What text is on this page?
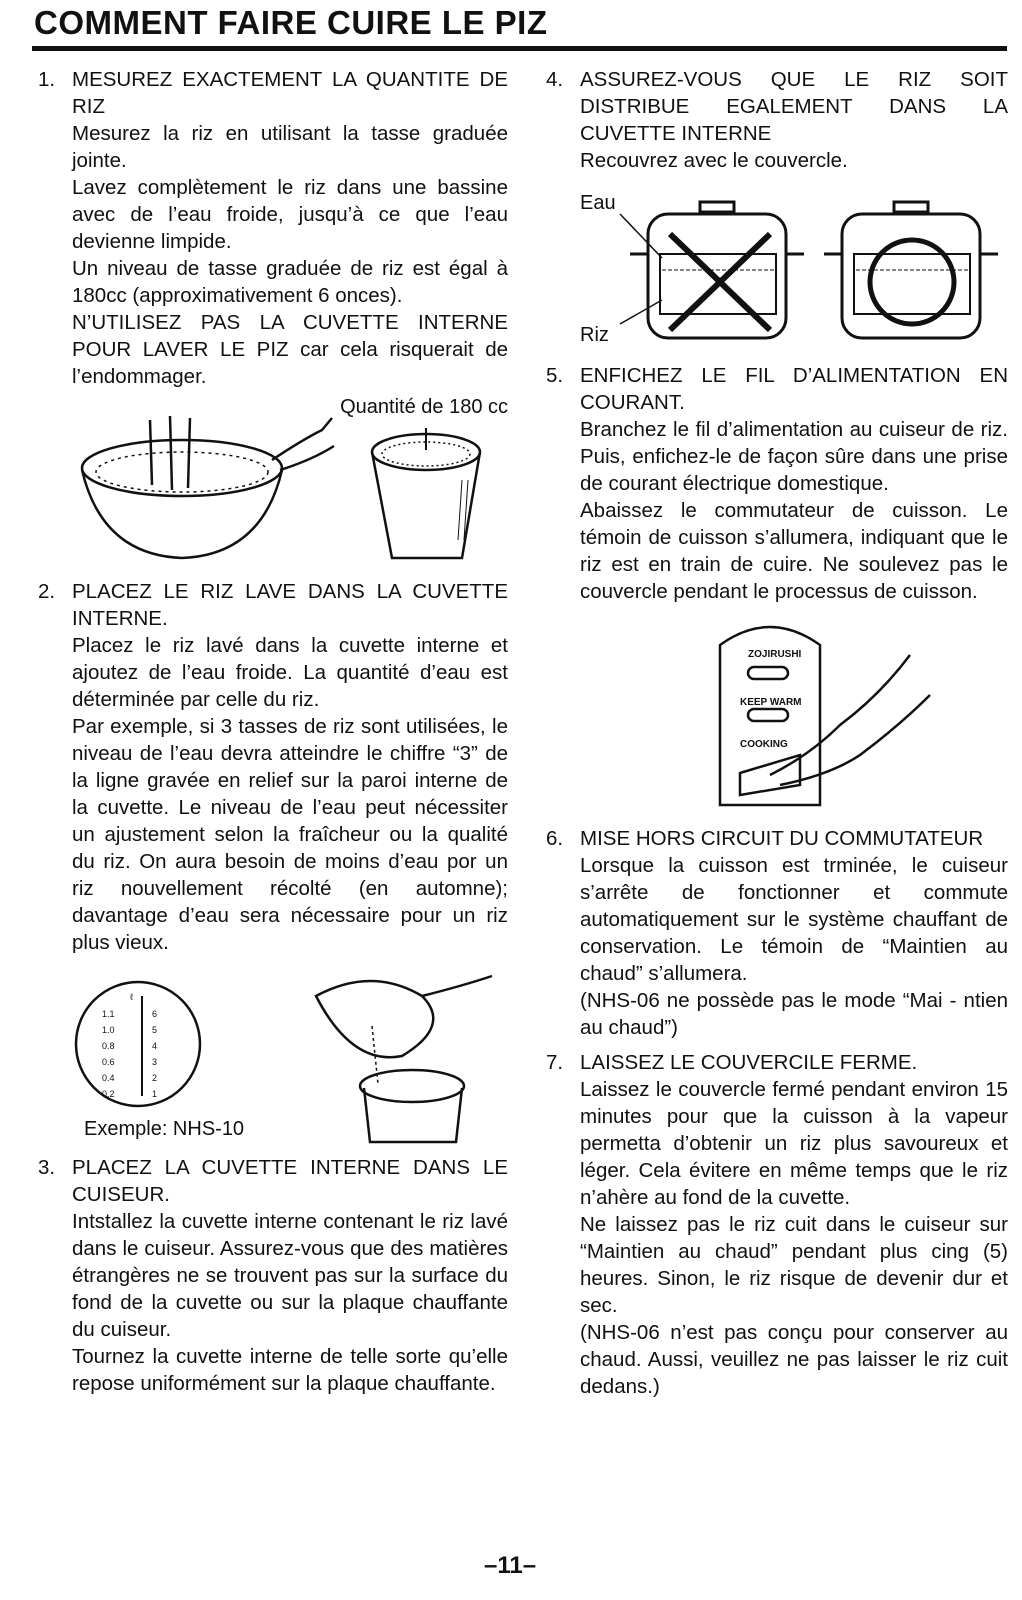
COMMENT FAIRE CUIRE LE PIZ
1. MESUREZ EXACTEMENT LA QUANTITE DE RIZ
Mesurez la riz en utilisant la tasse graduée jointe.
Lavez complètement le riz dans une bassine avec de l’eau froide, jusqu’à ce que l’eau devienne limpide.
Un niveau de tasse graduée de riz est égal à 180cc (approximativement 6 onces).
N’UTILISEZ PAS LA CUVETTE INTERNE POUR LAVER LE PIZ car cela risquerait de l’endommager.
Quantité de 180 cc
2. PLACEZ LE RIZ LAVE DANS LA CUVETTE INTERNE.
Placez le riz lavé dans la cuvette interne et ajoutez de l’eau froide. La quantité d’eau est déterminée par celle du riz.
Par exemple, si 3 tasses de riz sont utilisées, le niveau de l’eau devra atteindre le chiffre “3” de la ligne gravée en relief sur la paroi interne de la cuvette. Le niveau de l’eau peut nécessiter un ajustement selon la fraîcheur ou la qualité du riz. On aura besoin de moins d’eau por un riz nouvellement récolté (en automne); davantage d’eau sera nécessaire pour un riz plus vieux.
ℓ
1.1
1.0
0.8
0.6
0.4
0.2
6
5
4
3
2
1
Exemple: NHS-10
3. PLACEZ LA CUVETTE INTERNE DANS LE CUISEUR.
Intstallez la cuvette interne contenant le riz lavé dans le cuiseur. Assurez-vous que des matières étrangères ne se trouvent pas sur la surface du fond de la cuvette ou sur la plaque chauffante du cuiseur.
Tournez la cuvette interne de telle sorte qu’elle repose uniformément sur la plaque chauffante.
4. ASSUREZ-VOUS QUE LE RIZ SOIT DISTRIBUE EGALEMENT DANS LA CUVETTE INTERNE
Recouvrez avec le couvercle.
Eau
Riz
5. ENFICHEZ LE FIL D’ALIMENTATION EN COURANT.
Branchez le fil d’alimentation au cuiseur de riz. Puis, enfichez-le de façon sûre dans une prise de courant électrique domestique.
Abaissez le commutateur de cuisson. Le témoin de cuisson s’allumera, indiquant que le riz est en train de cuire. Ne soulevez pas le couvercle pendant le processus de cuisson.
ZOJIRUSHI
KEEP WARM
COOKING
6. MISE HORS CIRCUIT DU COMMUTATEUR
Lorsque la cuisson est trminée, le cuiseur s’arrête de fonctionner et commute automatiquement sur le système chauffant de conservation. Le témoin de “Maintien au chaud” s’allumera.
(NHS-06 ne possède pas le mode “Mai - ntien au chaud”)
7. LAISSEZ LE COUVERCILE FERME.
Laissez le couvercle fermé pendant environ 15 minutes pour que la cuisson à la vapeur permetta d’obtenir un riz plus savoureux et léger. Cela évitere en même temps que le riz n’ahère au fond de la cuvette.
Ne laissez pas le riz cuit dans le cuiseur sur “Maintien au chaud” pendant plus cing (5) heures. Sinon, le riz risque de devenir dur et sec.
(NHS-06 n’est pas conçu pour conserver au chaud. Aussi, veuillez ne pas laisser le riz cuit dedans.)
–11–
